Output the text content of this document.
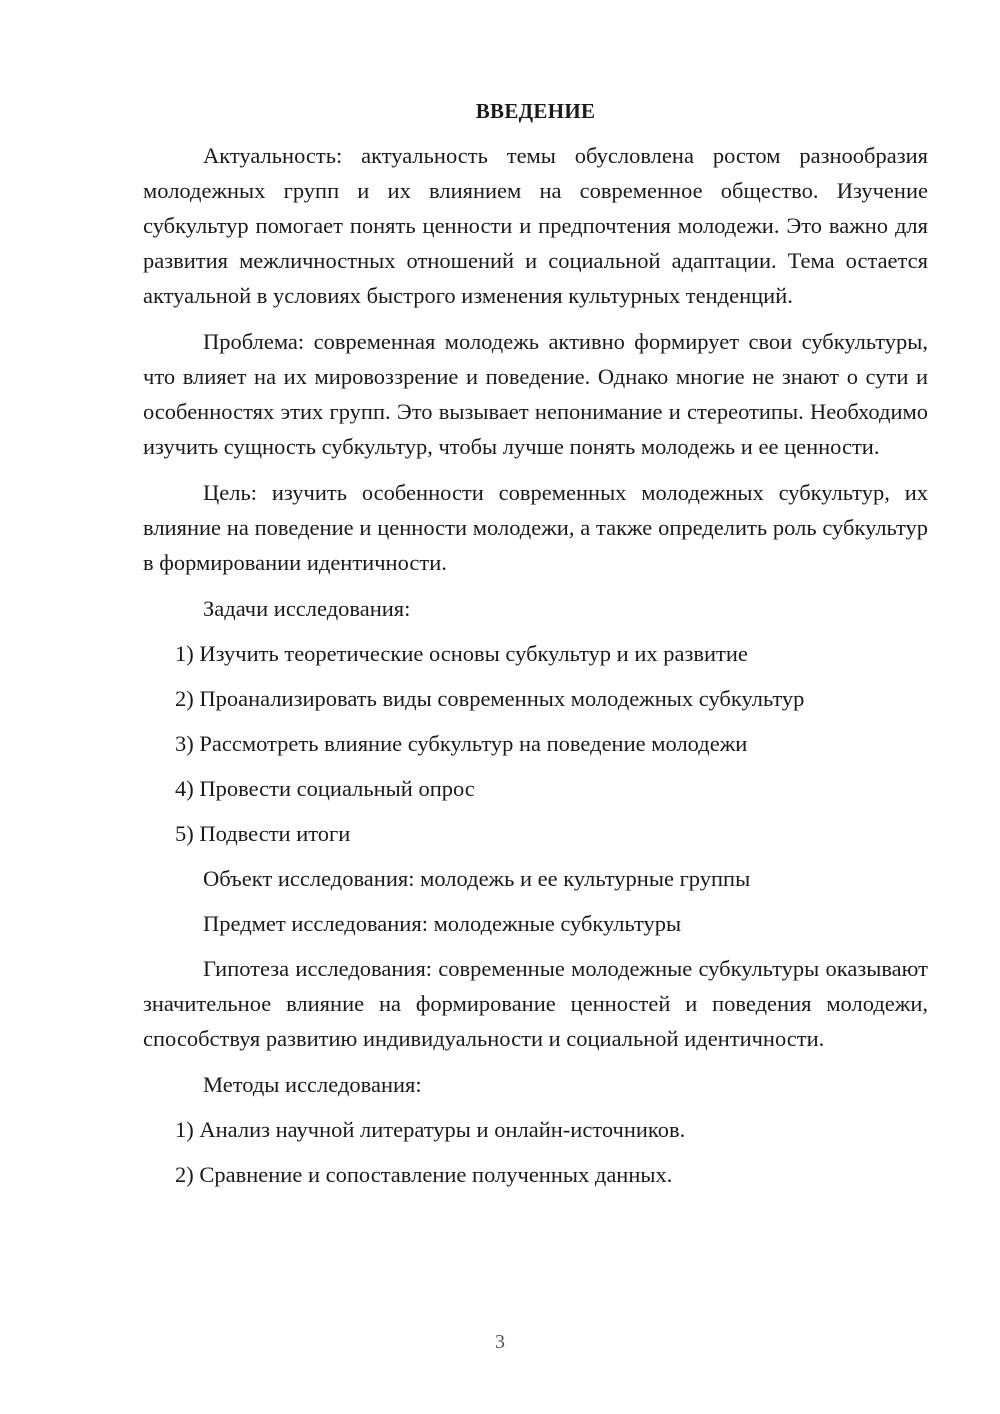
ВВЕДЕНИЕ

Актуальность: актуальность темы обусловлена ростом разнообразия молодежных групп и их влиянием на современное общество. Изучение субкультур помогает понять ценности и предпочтения молодежи. Это важно для развития межличностных отношений и социальной адаптации. Тема остается актуальной в условиях быстрого изменения культурных тенденций.

Проблема: современная молодежь активно формирует свои субкультуры, что влияет на их мировоззрение и поведение. Однако многие не знают о сути и особенностях этих групп. Это вызывает непонимание и стереотипы. Необходимо изучить сущность субкультур, чтобы лучше понять молодежь и ее ценности.

Цель: изучить особенности современных молодежных субкультур, их влияние на поведение и ценности молодежи, а также определить роль субкультур в формировании идентичности.

Задачи исследования:

1) Изучить теоретические основы субкультур и их развитие

2) Проанализировать виды современных молодежных субкультур

3) Рассмотреть влияние субкультур на поведение молодежи

4) Провести социальный опрос

5) Подвести итоги

Объект исследования: молодежь и ее культурные группы

Предмет исследования: молодежные субкультуры

Гипотеза исследования: современные молодежные субкультуры оказывают значительное влияние на формирование ценностей и поведения молодежи, способствуя развитию индивидуальности и социальной идентичности.

Методы исследования:

1) Анализ научной литературы и онлайн-источников.

2) Сравнение и сопоставление полученных данных.

3
